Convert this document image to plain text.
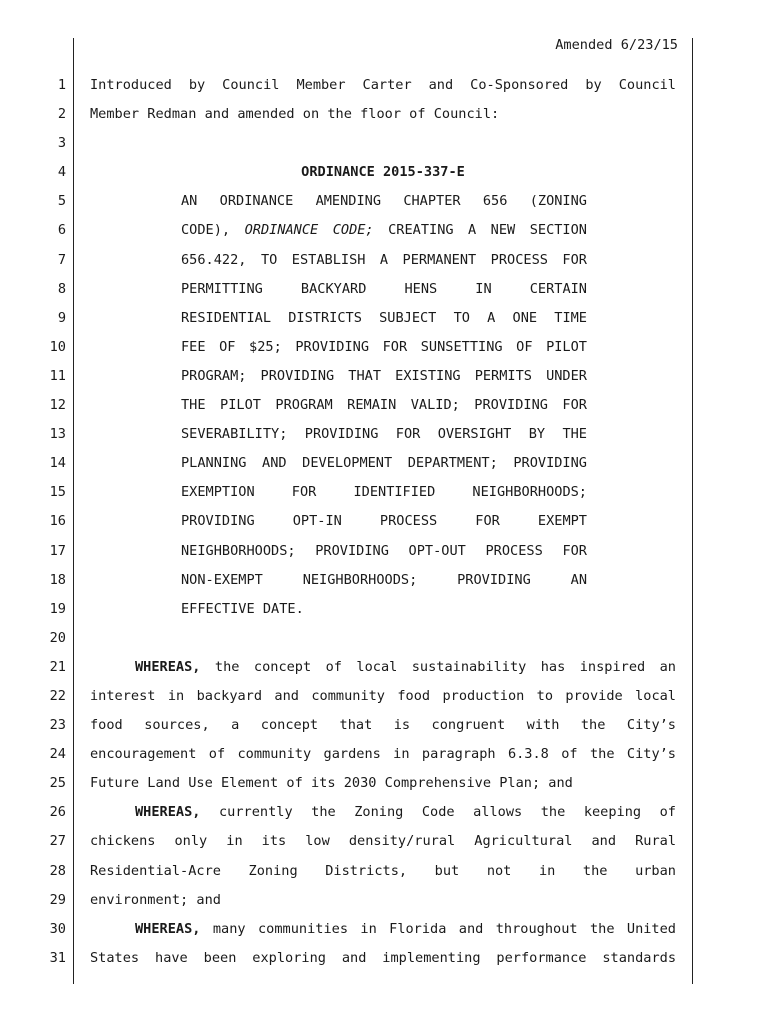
Amended 6/23/15
1 Introduced by Council Member Carter and Co-Sponsored by Council
2 Member Redman and amended on the floor of Council:
3
4	ORDINANCE 2015-337-E
5	AN ORDINANCE AMENDING CHAPTER 656 (ZONING
6	CODE), ORDINANCE CODE; CREATING A NEW SECTION
7	656.422, TO ESTABLISH A PERMANENT PROCESS FOR
8	PERMITTING BACKYARD HENS IN CERTAIN
9	RESIDENTIAL DISTRICTS SUBJECT TO A ONE TIME
10	FEE OF $25; PROVIDING FOR SUNSETTING OF PILOT
11	PROGRAM; PROVIDING THAT EXISTING PERMITS UNDER
12	THE PILOT PROGRAM REMAIN VALID; PROVIDING FOR
13	SEVERABILITY; PROVIDING FOR OVERSIGHT BY THE
14	PLANNING AND DEVELOPMENT DEPARTMENT; PROVIDING
15	EXEMPTION FOR IDENTIFIED NEIGHBORHOODS;
16	PROVIDING OPT-IN PROCESS FOR EXEMPT
17	NEIGHBORHOODS; PROVIDING OPT-OUT PROCESS FOR
18	NON-EXEMPT NEIGHBORHOODS; PROVIDING AN
19	EFFECTIVE DATE.
20
21	WHEREAS, the concept of local sustainability has inspired an
22 interest in backyard and community food production to provide local
23 food sources, a concept that is congruent with the City’s
24 encouragement of community gardens in paragraph 6.3.8 of the City’s
25 Future Land Use Element of its 2030 Comprehensive Plan; and
26	WHEREAS, currently the Zoning Code allows the keeping of
27 chickens only in its low density/rural Agricultural and Rural
28 Residential-Acre Zoning Districts, but not in the urban
29 environment; and
30	WHEREAS, many communities in Florida and throughout the United
31 States have been exploring and implementing performance standards
